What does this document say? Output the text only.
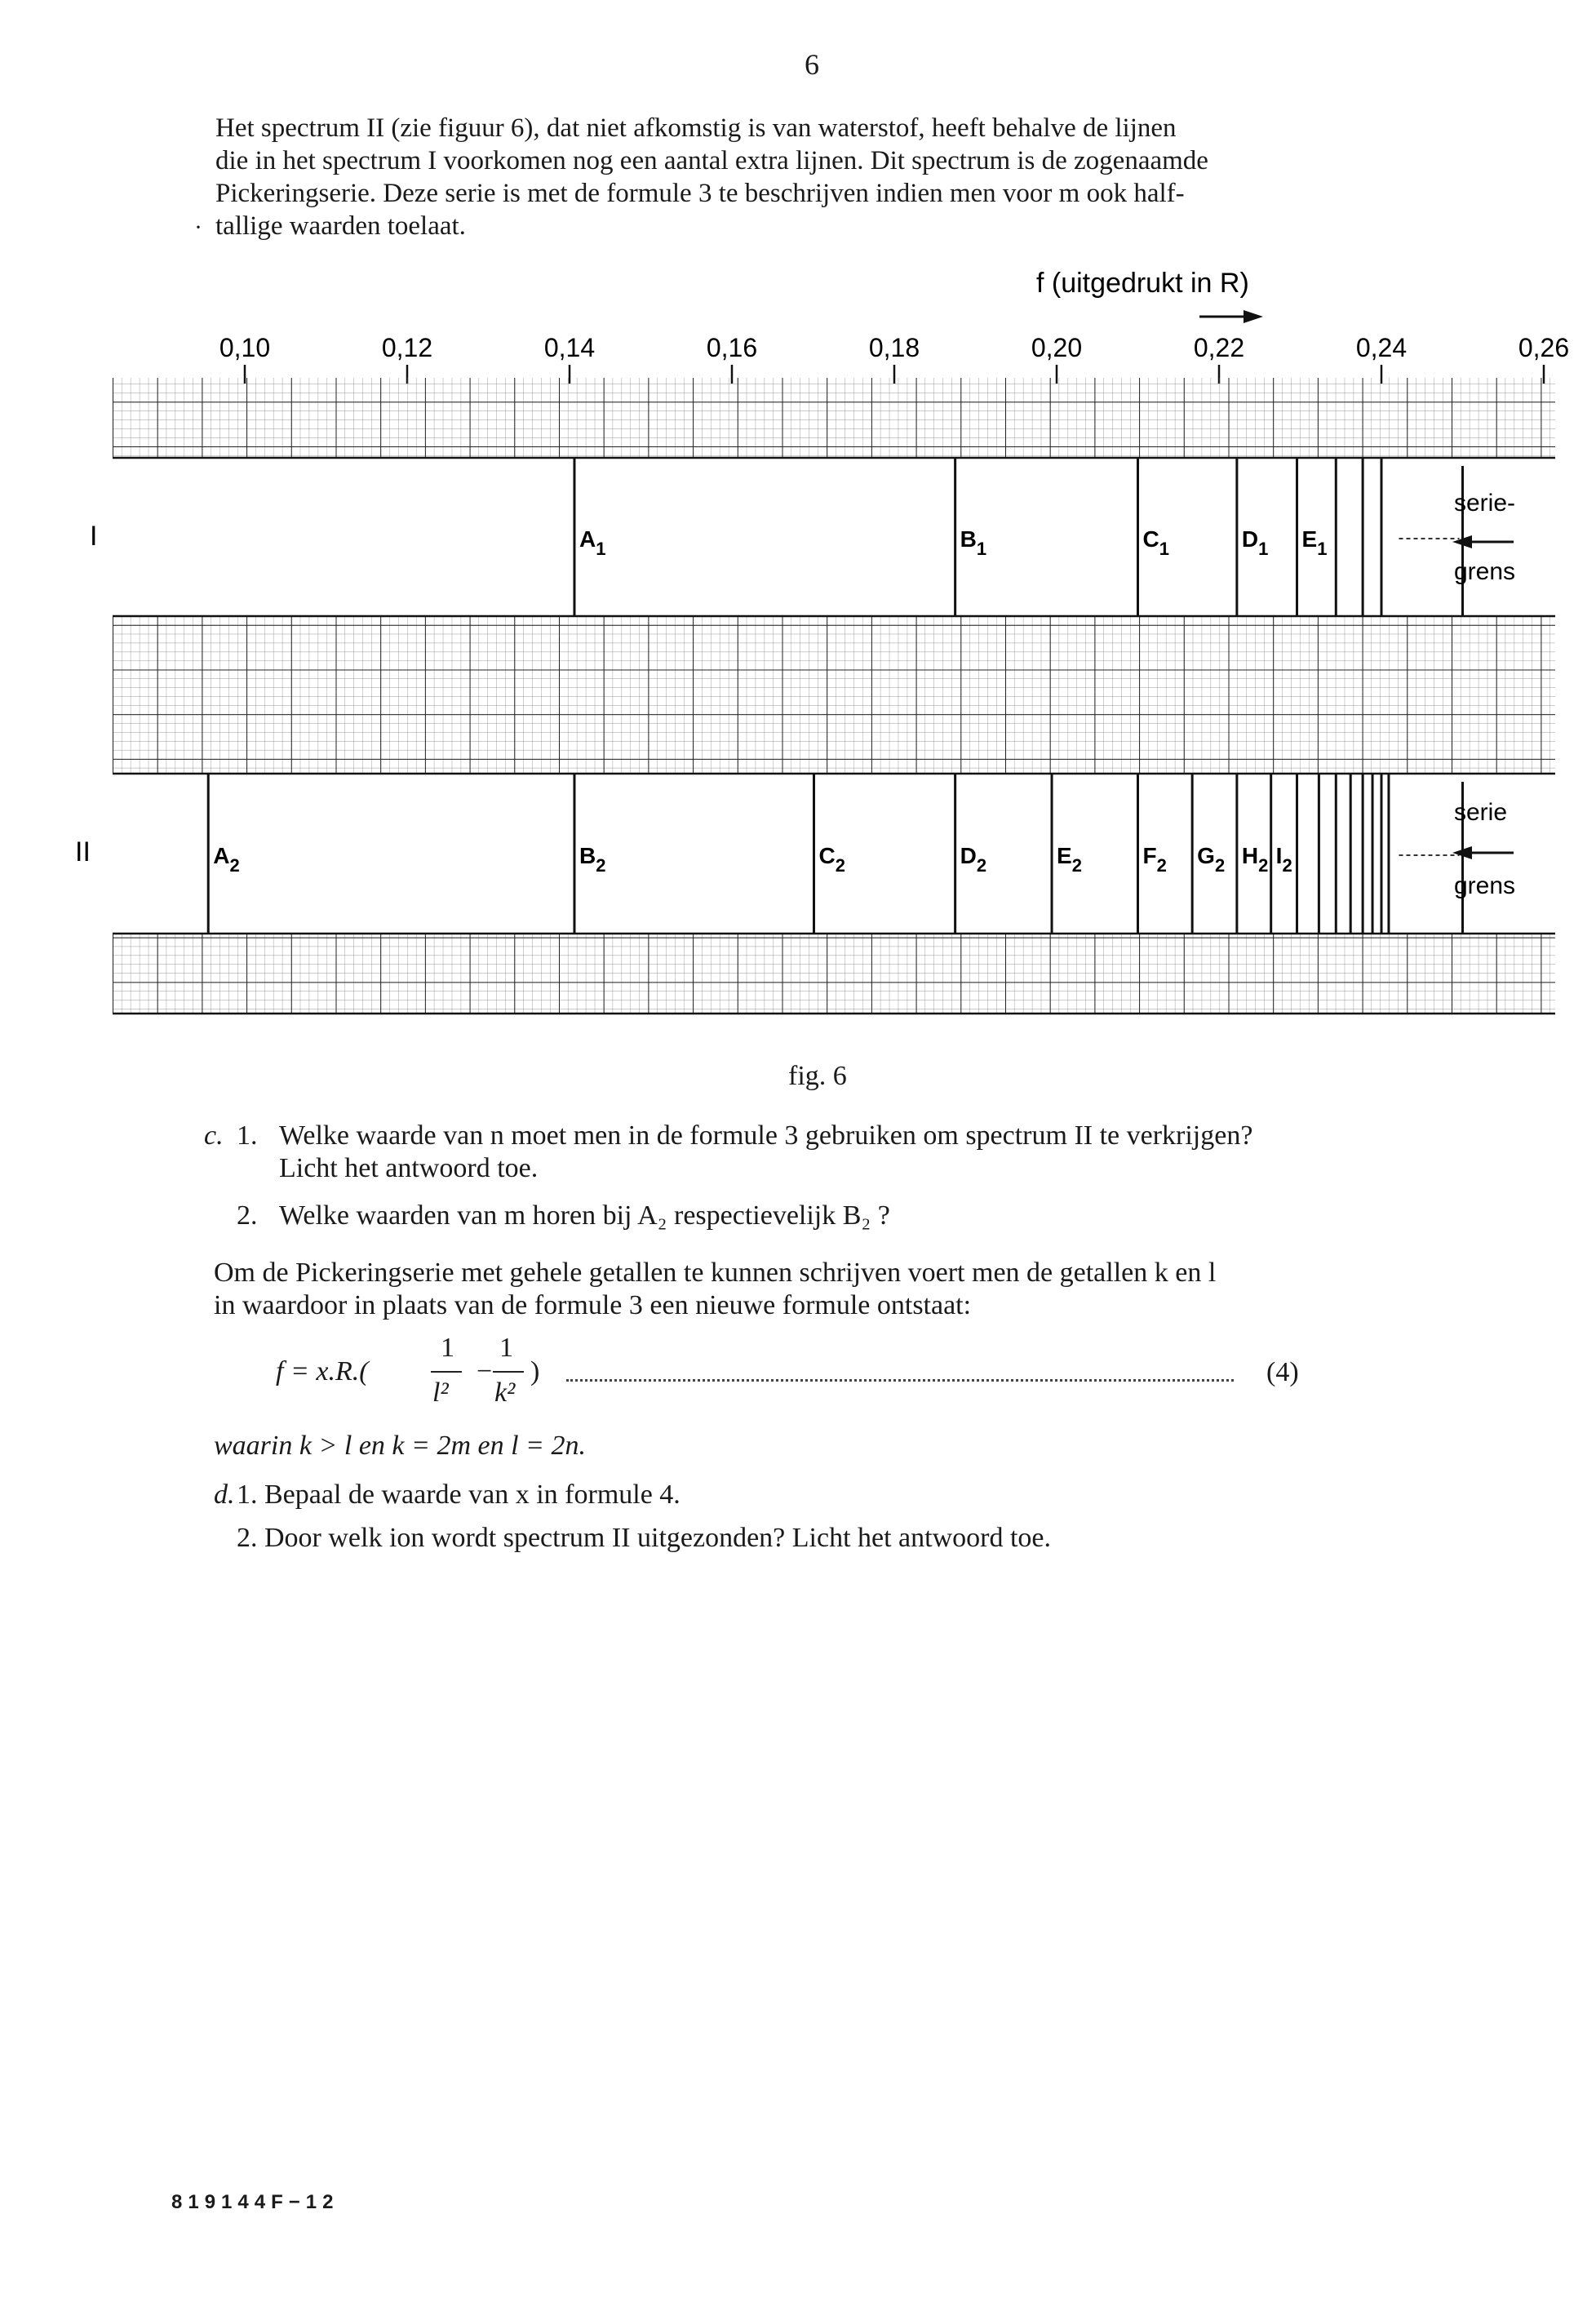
6
Het spectrum II (zie figuur 6), dat niet afkomstig is van waterstof, heeft behalve de lijnen
die in het spectrum I voorkomen nog een aantal extra lijnen. Dit spectrum is de zogenaamde
Pickeringserie. Deze serie is met de formule 3 te beschrijven indien men voor m ook half-
· tallige waarden toelaat.
f (uitgedrukt in R)
0,10	0,12	0,14	0,16	0,18	0,20	0,22	0,24	0,26
I
II
$A_1$	$B_1$	$C_1$	$D_1$ $E_1$
$A_2$	$B_2$	$C_2$	$D_2$	$E_2$	$F_2$ $G_2$ $H_2$ $I_2$
serie-
grens
serie
grens
fig. 6
c. 1. Welke waarde van n moet men in de formule 3 gebruiken om spectrum II te verkrijgen?
Licht het antwoord toe.
2. Welke waarden van m horen bij A₂ respectievelijk B₂ ?
Om de Pickeringserie met gehele getallen te kunnen schrijven voert men de getallen k en l
in waardoor in plaats van de formule 3 een nieuwe formule ontstaat:
f = x.R.(
1
l²
−
1
k²
)	(4)
waarin k > l en k = 2m en l = 2n.
d. 1. Bepaal de waarde van x in formule 4.
2. Door welk ion wordt spectrum II uitgezonden? Licht het antwoord toe.
819144F−12
